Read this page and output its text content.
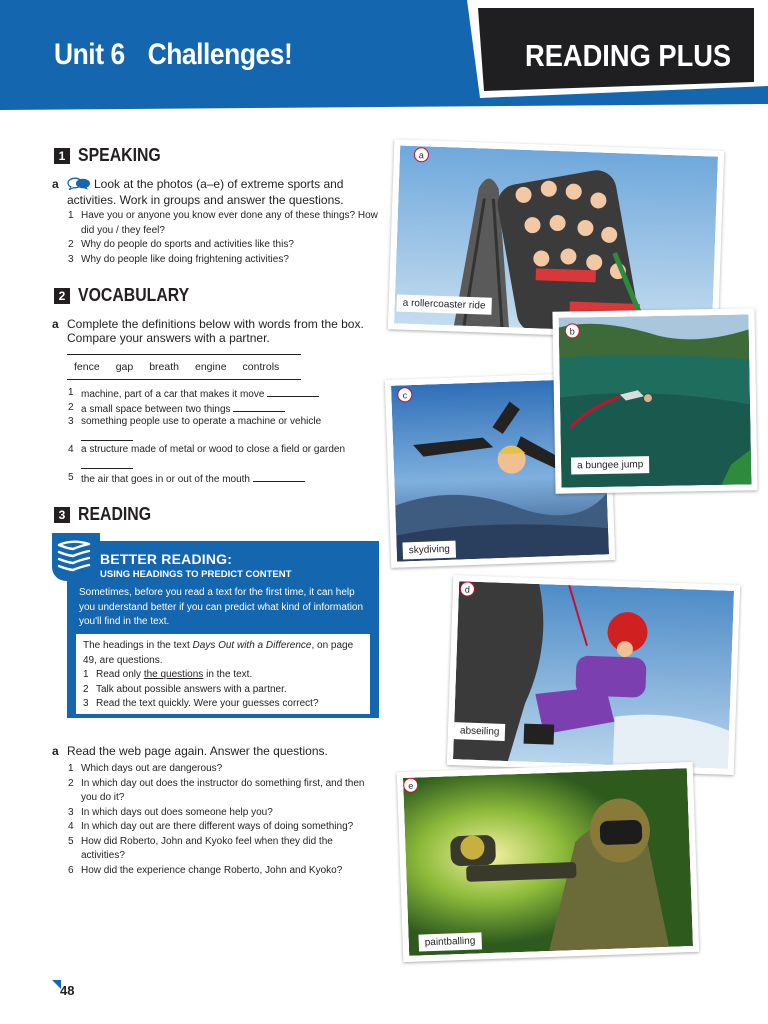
Unit 6 Challenges!	READING PLUS
1 SPEAKING
a	Look at the photos (a–e) of extreme sports and activities. Work in groups and answer the questions.
1 Have you or anyone you know ever done any of these things? How did you / they feel?
2 Why do people do sports and activities like this?
3 Why do people like doing frightening activities?
2 VOCABULARY
a Complete the definitions below with words from the box. Compare your answers with a partner.
fence gap breath engine controls
1 machine, part of a car that makes it move
2 a small space between two things
3 something people use to operate a machine or vehicle

4 a structure made of metal or wood to close a field or garden

5 the air that goes in or out of the mouth
3 READING
BETTER READING:
USING HEADINGS TO PREDICT CONTENT
Sometimes, before you read a text for the first time, it can help you understand better if you can predict what kind of information you'll find in the text.
The headings in the text Days Out with a Difference, on page 49, are questions.
1 Read only the questions in the text.
2 Talk about possible answers with a partner.
3 Read the text quickly. Were your guesses correct?
a Read the web page again. Answer the questions.
1 Which days out are dangerous?
2 In which day out does the instructor do something first, and then you do it?
3 In which days out does someone help you?
4 In which day out are there different ways of doing something?
5 How did Roberto, John and Kyoko feel when they did the activities?
6 How did the experience change Roberto, John and Kyoko?
a
a rollercoaster ride
c
skydiving
b
a bungee jump
d
abseiling
e
paintballing
48
